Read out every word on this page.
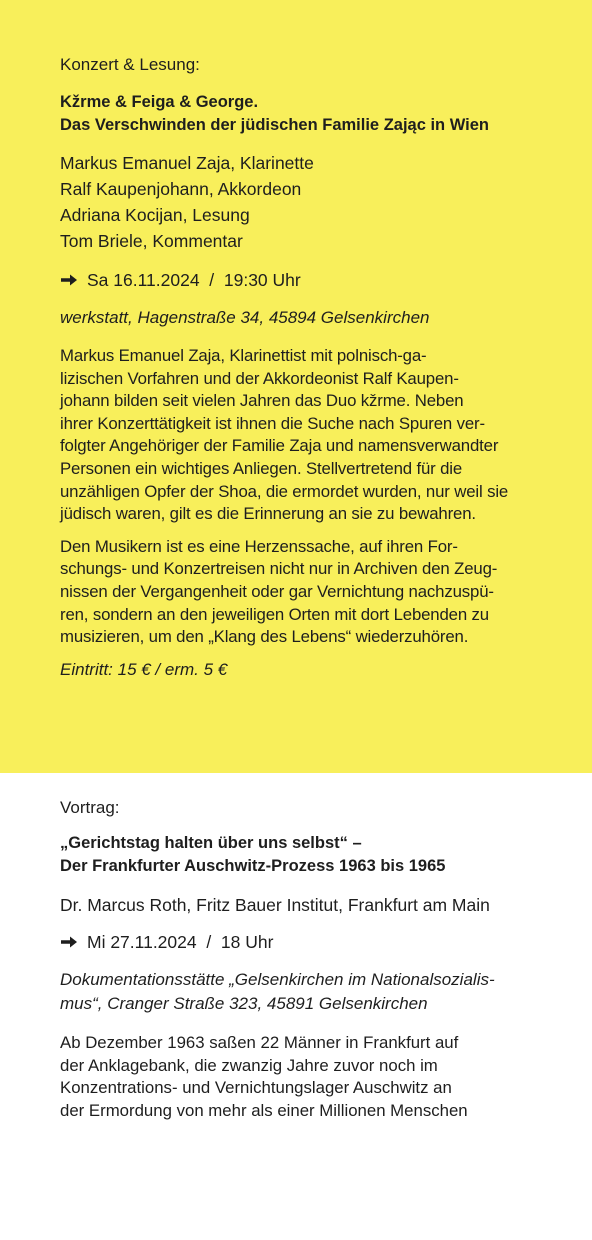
Konzert & Lesung:

Kžrme & Feiga & George.
Das Verschwinden der jüdischen Familie Zając in Wien
Markus Emanuel Zaja, Klarinette
Ralf Kaupenjohann, Akkordeon
Adriana Kocijan, Lesung
Tom Briele, Kommentar
Sa 16.11.2024  /  19:30 Uhr

werkstatt, Hagenstraße 34, 45894 Gelsenkirchen

Markus Emanuel Zaja, Klarinettist mit polnisch-ga-
lizischen Vorfahren und der Akkordeonist Ralf Kaupen-
johann bilden seit vielen Jahren das Duo kžrme. Neben
ihrer Konzerttätigkeit ist ihnen die Suche nach Spuren ver-
folgter Angehöriger der Familie Zaja und namensverwandter
Personen ein wichtiges Anliegen. Stellvertretend für die
unzähligen Opfer der Shoa, die ermordet wurden, nur weil sie
jüdisch waren, gilt es die Erinnerung an sie zu bewahren.

Den Musikern ist es eine Herzenssache, auf ihren For-
schungs- und Konzertreisen nicht nur in Archiven den Zeug-
nissen der Vergangenheit oder gar Vernichtung nachzuspü-
ren, sondern an den jeweiligen Orten mit dort Lebenden zu
musizieren, um den „Klang des Lebens“ wiederzuhören.

Eintritt: 15 € / erm. 5 €

Vortrag:

„Gerichtstag halten über uns selbst“ –
Der Frankfurter Auschwitz-Prozess 1963 bis 1965
Dr. Marcus Roth, Fritz Bauer Institut, Frankfurt am Main
Mi 27.11.2024  /  18 Uhr

Dokumentationsstätte „Gelsenkirchen im Nationalsozialis-
mus“, Cranger Straße 323, 45891 Gelsenkirchen

Ab Dezember 1963 saßen 22 Männer in Frankfurt auf
der Anklagebank, die zwanzig Jahre zuvor noch im
Konzentrations- und Vernichtungslager Auschwitz an
der Ermordung von mehr als einer Millionen Menschen
